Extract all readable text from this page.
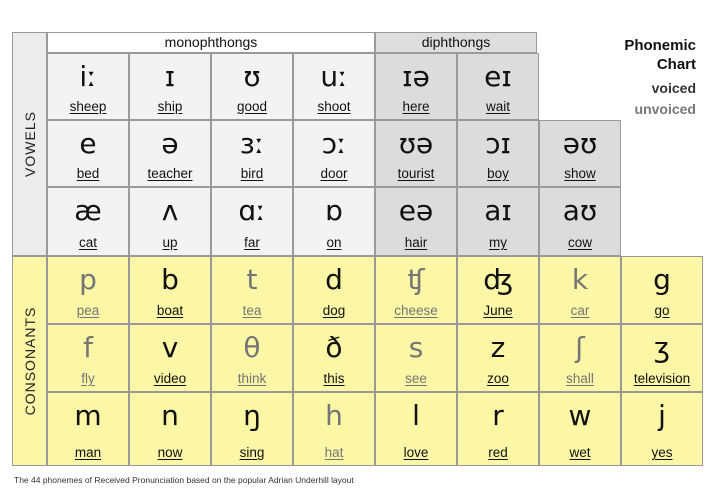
VOWELS
CONSONANTS
monophthongs	diphthongs
iː
sheep
ɪ
ship
ʊ
good
uː
shoot
ɪə
here
eɪ
wait
e
bed
ə
teacher
ɜː
bird
ɔː
door
ʊə
tourist
ɔɪ
boy
əʊ
show
æ
cat
ʌ
up
ɑː
far
ɒ
on
eə
hair
aɪ
my
aʊ
cow
p
pea
b
boat
t
tea
d
dog
ʧ
cheese
ʤ
June
k
car
g
go
f
fly
v
video
θ
think
ð
this
s
see
z
zoo
ʃ
shall
ʒ
television
m
man
n
now
ŋ
sing
h
hat
l
love
r
red
w
wet
j
yes
Phonemic
Chart
voiced
unvoiced
The 44 phonemes of Received Pronunciation based on the popular Adrian Underhill layout
